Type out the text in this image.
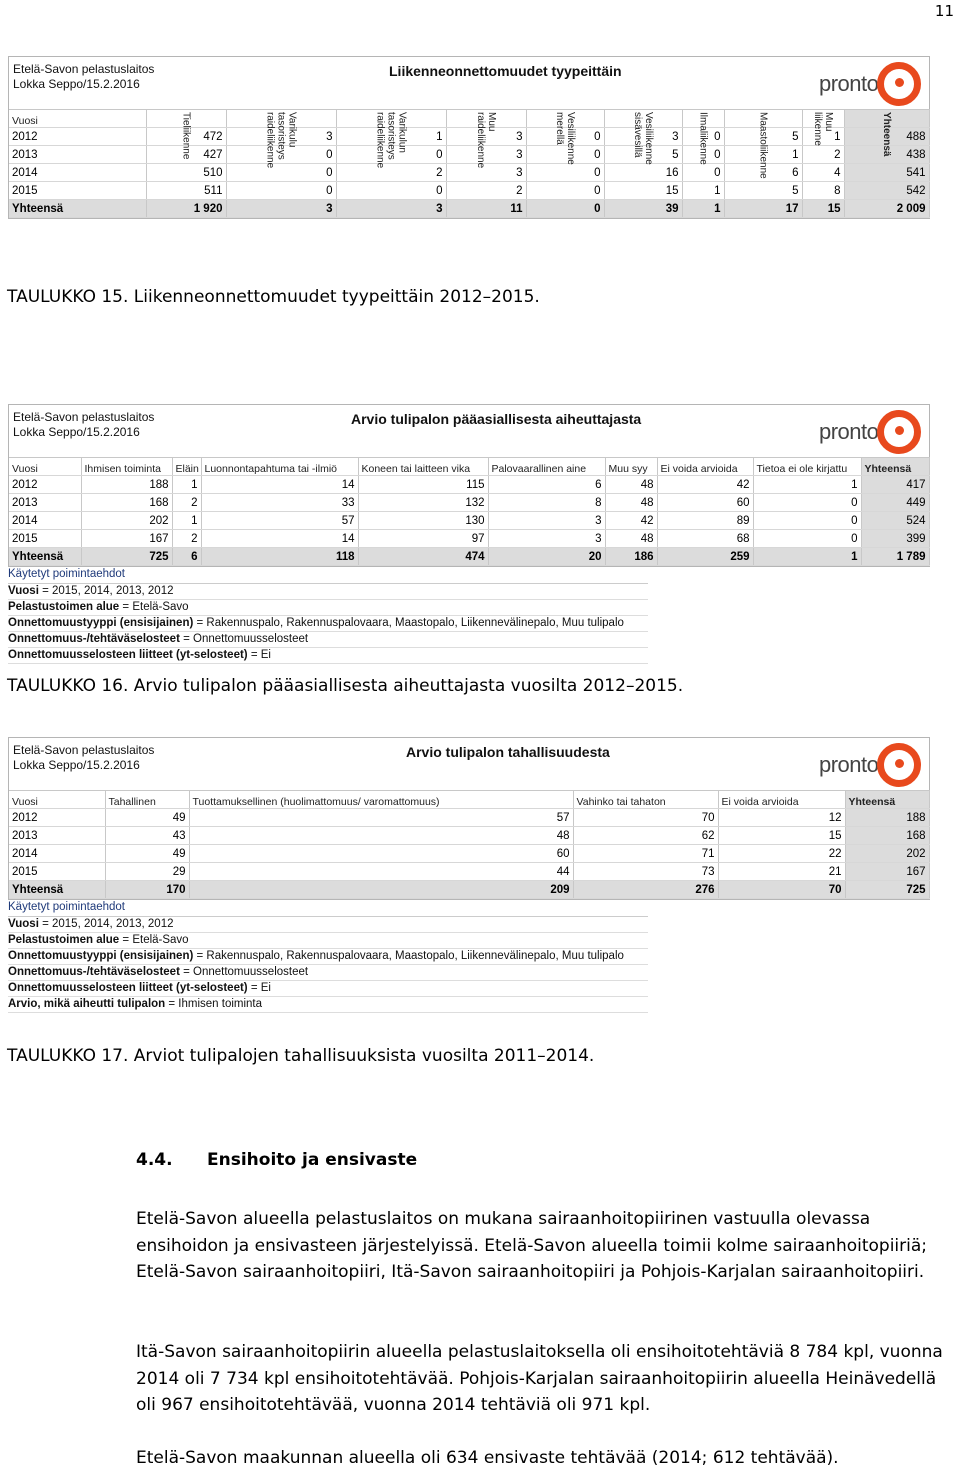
11
Etelä-Savon pelastuslaitos
Lokka Seppo/15.2.2016
Liikenneonnettomuudet tyypeittäin	pronto
Vuosi	Tieliikenne	Varikulu tasoristeys raideliikenne	Varikulun tasoristeys raideliikenne	Muu raideliikenne	Vesiliikenne merellä	Vesiliikenne sisävesillä	Ilmaliikenne	Maastoliikenne	Muu liikenne	Yhteensä

2012	472	3	1	3	0	3	0	5	1	488
2013	427	0	0	3	0	5	0	1	2	438
2014	510	0	2	3	0	16	0	6	4	541
2015	511	0	0	2	0	15	1	5	8	542
Yhteensä	1 920	3	3	11	0	39	1	17	15	2 009
TAULUKKO 15. Liikenneonnettomuudet tyypeittäin 2012–2015.
Etelä-Savon pelastuslaitos
Lokka Seppo/15.2.2016
Arvio tulipalon pääasiallisesta aiheuttajasta	pronto
Vuosi	Ihmisen toiminta	Eläin	Luonnontapahtuma tai -ilmiö	Koneen tai laitteen vika	Palovaarallinen aine	Muu syy	Ei voida arvioida	Tietoa ei ole kirjattu	Yhteensä
2012	188	1	14	115	6	48	42	1	417
2013	168	2	33	132	8	48	60	0	449
2014	202	1	57	130	3	42	89	0	524
2015	167	2	14	97	3	48	68	0	399
Yhteensä	725	6	118	474	20	186	259	1	1 789
Käytetyt poimintaehdot
Vuosi = 2015, 2014, 2013, 2012
Pelastustoimen alue = Etelä-Savo
Onnettomuustyyppi (ensisijainen) = Rakennuspalo, Rakennuspalovaara, Maastopalo, Liikennevälinepalo, Muu tulipalo
Onnettomuus-/tehtäväselosteet = Onnettomuusselosteet
Onnettomuusselosteen liitteet (yt-selosteet) = Ei
TAULUKKO 16. Arvio tulipalon pääasiallisesta aiheuttajasta vuosilta 2012–2015.
Etelä-Savon pelastuslaitos
Lokka Seppo/15.2.2016
Arvio tulipalon tahallisuudesta	pronto
Vuosi	Tahallinen	Tuottamuksellinen (huolimattomuus/ varomattomuus)	Vahinko tai tahaton	Ei voida arvioida	Yhteensä
2012	49	57	70	12	188
2013	43	48	62	15	168
2014	49	60	71	22	202
2015	29	44	73	21	167
Yhteensä	170	209	276	70	725
Käytetyt poimintaehdot
Vuosi = 2015, 2014, 2013, 2012
Pelastustoimen alue = Etelä-Savo
Onnettomuustyyppi (ensisijainen) = Rakennuspalo, Rakennuspalovaara, Maastopalo, Liikennevälinepalo, Muu tulipalo
Onnettomuus-/tehtäväselosteet = Onnettomuusselosteet
Onnettomuusselosteen liitteet (yt-selosteet) = Ei
Arvio, mikä aiheutti tulipalon = Ihmisen toiminta
TAULUKKO 17. Arviot tulipalojen tahallisuuksista vuosilta 2011–2014.
4.4. Ensihoito ja ensivaste

Etelä-Savon alueella pelastuslaitos on mukana sairaanhoitopiirinen vastuulla olevassa ensihoidon ja ensivasteen järjestelyissä. Etelä-Savon alueella toimii kolme sairaanhoitopiiriä; Etelä-Savon sairaanhoitopiiri, Itä-Savon sairaanhoitopiiri ja Pohjois-Karjalan sairaanhoitopiiri.

Itä-Savon sairaanhoitopiirin alueella pelastuslaitoksella oli ensihoitotehtäviä 8 784 kpl, vuonna 2014 oli 7 734 kpl ensihoitotehtävää. Pohjois-Karjalan sairaanhoitopiirin alueella Heinävedellä oli 967 ensihoitotehtävää, vuonna 2014 tehtäviä oli 971 kpl.

Etelä-Savon maakunnan alueella oli 634 ensivaste tehtävää (2014; 612 tehtävää).
